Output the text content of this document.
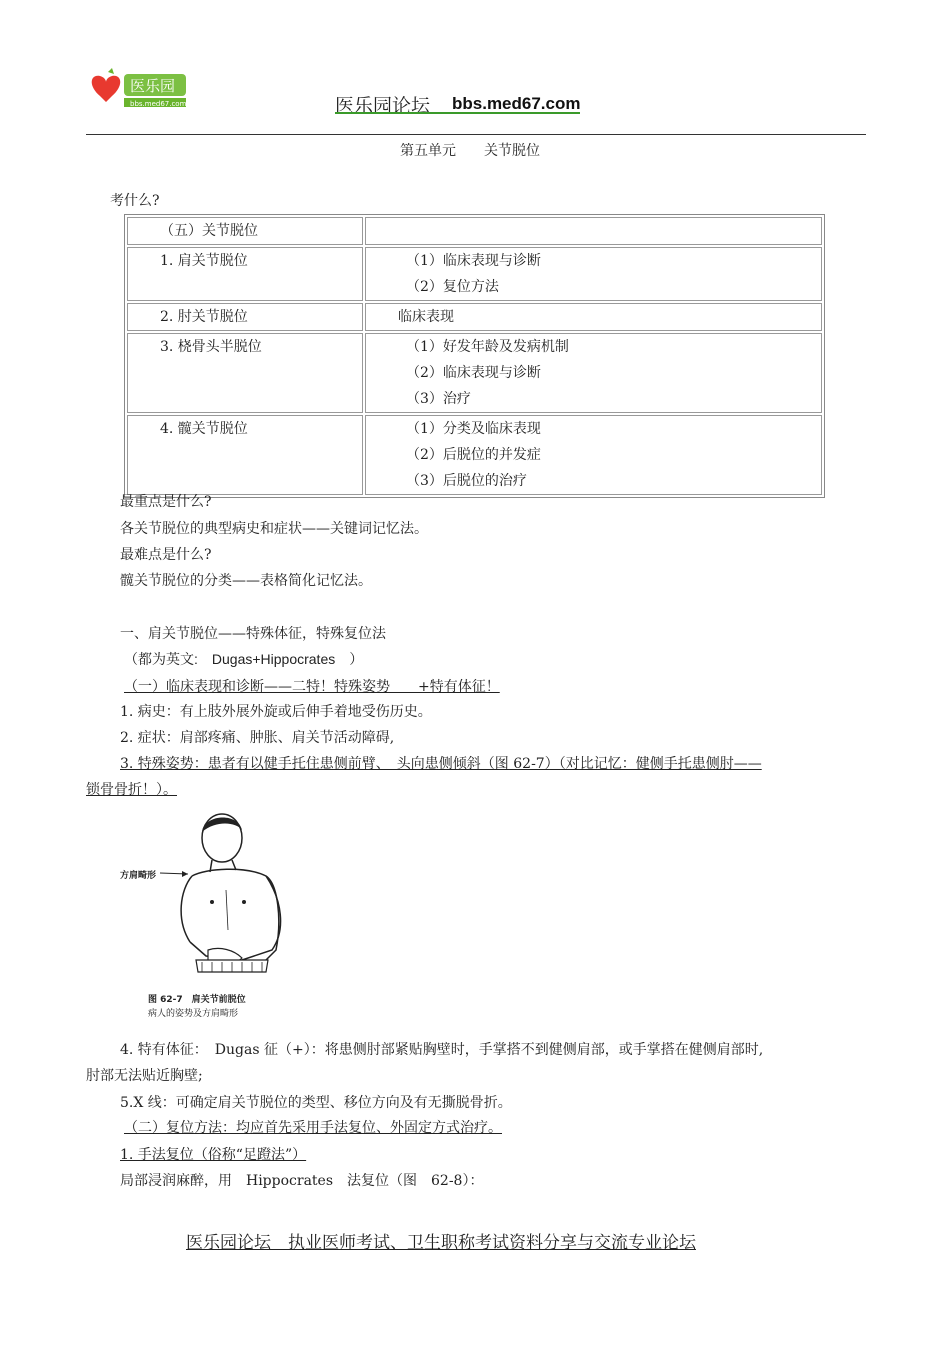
医乐园
bbs.med67.com	医乐园论坛 bbs.med67.com
第五单元　　关节脱位
考什么?
（五）关节脱位	

1. 肩关节脱位	（1）临床表现与诊断
（2）复位方法

2. 肘关节脱位	临床表现

3. 桡骨头半脱位	（1）好发年龄及发病机制
（2）临床表现与诊断
（3）治疗

4. 髋关节脱位	（1）分类及临床表现
（2）后脱位的并发症
（3）后脱位的治疗
最重点是什么?
各关节脱位的典型病史和症状——关键词记忆法。
最难点是什么?
髋关节脱位的分类——表格简化记忆法。
一、肩关节脱位——特殊体征，特殊复位法
（都为英文:　Dugas+Hippocrates　）
（一）临床表现和诊断——二特！特殊姿势　　+特有体征！
1. 病史：有上肢外展外旋或后伸手着地受伤历史。
2. 症状：肩部疼痛、肿胀、肩关节活动障碍,
3. 特殊姿势：患者有以健手托住患侧前臂、　头向患侧倾斜（图 62-7）（对比记忆：健侧手托患侧肘——
锁骨骨折！）。
方肩畸形
图 62-7　肩关节前脱位
病人的姿势及方肩畸形
4. 特有体征：　Dugas 征（+）：将患侧肘部紧贴胸壁时，手掌搭不到健侧肩部，或手掌搭在健侧肩部时,
肘部无法贴近胸壁;
5.X 线：可确定肩关节脱位的类型、移位方向及有无撕脱骨折。
（二）复位方法：均应首先采用手法复位、外固定方式治疗。
1. 手法复位（俗称“足蹬法”）
局部浸润麻醉，用　Hippocrates　法复位（图　62-8）：
医乐园论坛　执业医师考试、卫生职称考试资料分享与交流专业论坛
